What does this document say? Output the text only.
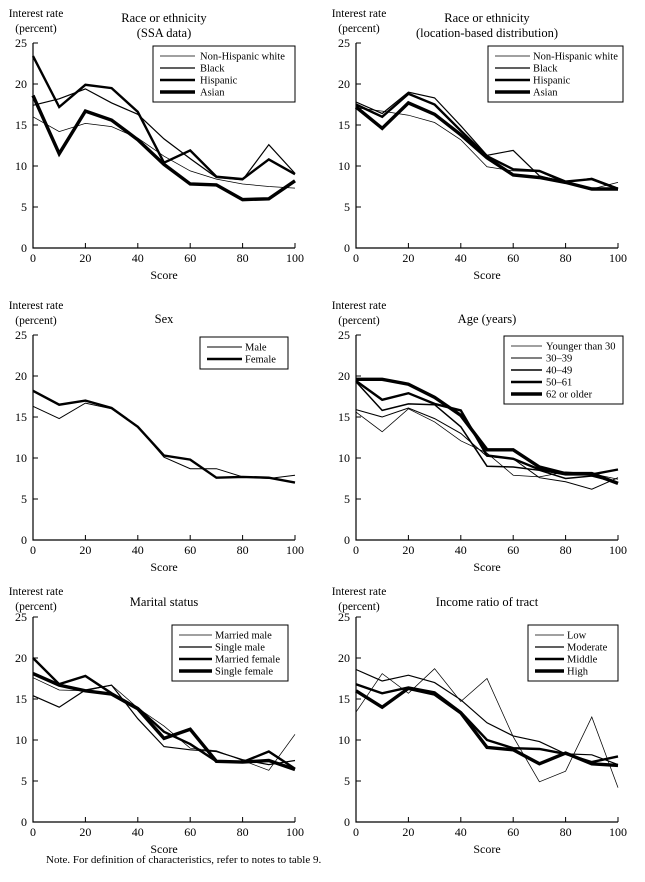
Interest rate
(percent)
Race or ethnicity
(SSA data)
0
5
10
15
20
25
0	20	40	60	80	100
Score
Non-Hispanic white
Black
Hispanic
Asian
Interest rate
(percent)
Race or ethnicity
(location-based distribution)
0
5
10
15
20
25
0	20	40	60	80	100
Score
Non-Hispanic white
Black
Hispanic
Asian
Interest rate
(percent)	Sex
0
5
10
15
20
25
0	20	40	60	80	100
Score
Male
Female
Interest rate
(percent)	Age (years)
0
5
10
15
20
25
0	20	40	60	80	100
Score
Younger than 30
30–39
40–49
50–61
62 or older
Interest rate
(percent)	Marital status
0
5
10
15
20
25
0	20	40	60	80	100
Score
Married male
Single male
Married female
Single female
Interest rate
(percent)	Income ratio of tract
0
5
10
15
20
25
0	20	40	60	80	100
Score
Low
Moderate
Middle
High
Note. For definition of characteristics, refer to notes to table 9.
